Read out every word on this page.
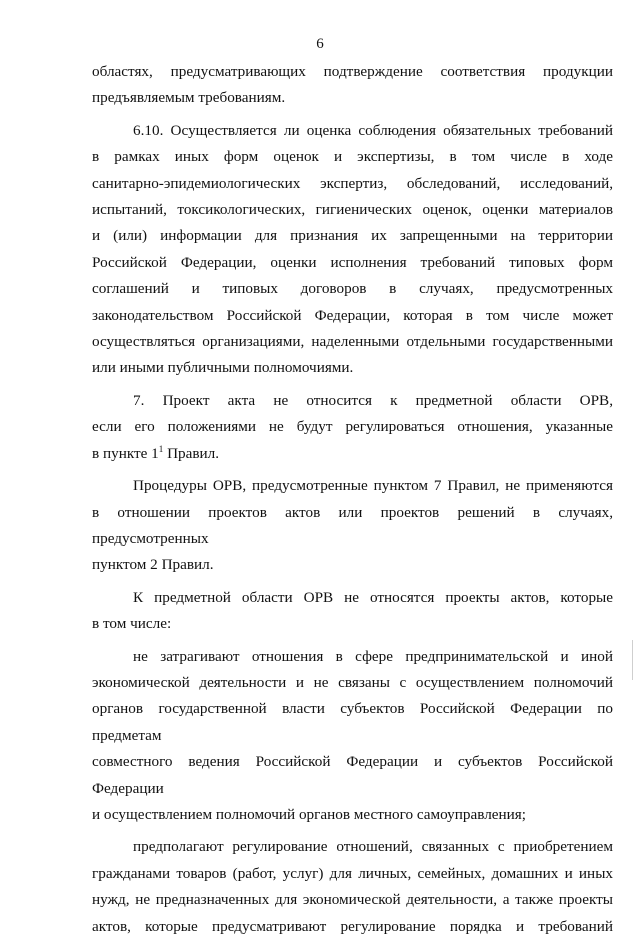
6
областях, предусматривающих подтверждение соответствия продукции
предъявляемым требованиям.
6.10. Осуществляется ли оценка соблюдения обязательных требований
в рамках иных форм оценок и экспертизы, в том числе в ходе
санитарно-эпидемиологических экспертиз, обследований, исследований,
испытаний, токсикологических, гигиенических оценок, оценки материалов
и (или) информации для признания их запрещенными на территории
Российской Федерации, оценки исполнения требований типовых форм
соглашений и типовых договоров в случаях, предусмотренных
законодательством Российской Федерации, которая в том числе может
осуществляться организациями, наделенными отдельными государственными
или иными публичными полномочиями.
7. Проект акта не относится к предметной области ОРВ,
если его положениями не будут регулироваться отношения, указанные
в пункте $1^1$ Правил.
Процедуры ОРВ, предусмотренные пунктом 7 Правил, не применяются
в отношении проектов актов или проектов решений в случаях, предусмотренных
пунктом 2 Правил.
К предметной области ОРВ не относятся проекты актов, которые
в том числе:
не затрагивают отношения в сфере предпринимательской и иной
экономической деятельности и не связаны с осуществлением полномочий
органов государственной власти субъектов Российской Федерации по предметам
совместного ведения Российской Федерации и субъектов Российской Федерации
и осуществлением полномочий органов местного самоуправления;
предполагают регулирование отношений, связанных с приобретением
гражданами товаров (работ, услуг) для личных, семейных, домашних и иных
нужд, не предназначенных для экономической деятельности, а также проекты
актов, которые предусматривают регулирование порядка и требований
